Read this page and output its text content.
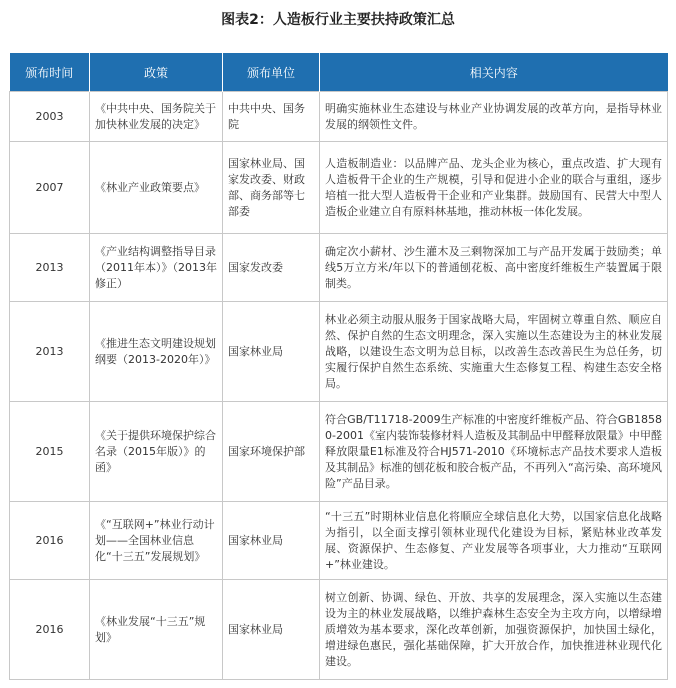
图表2：人造板行业主要扶持政策汇总
颁布时间	政策	颁布单位	相关内容
2003	《中共中央、国务院关于加快林业发展的决定》	中共中央、国务院	明确实施林业生态建设与林业产业协调发展的改革方向，是指导林业发展的纲领性文件。
2007	《林业产业政策要点》	国家林业局、国家发改委、财政部、商务部等七部委	人造板制造业：以品牌产品、龙头企业为核心，重点改造、扩大现有人造板骨干企业的生产规模，引导和促进小企业的联合与重组，逐步培植一批大型人造板骨干企业和产业集群。鼓励国有、民营大中型人造板企业建立自有原料林基地，推动林板一体化发展。
2013	《产业结构调整指导目录（2011年本）》（2013年修正）	国家发改委	确定次小薪材、沙生灌木及三剩物深加工与产品开发属于鼓励类；单线5万立方米/年以下的普通刨花板、高中密度纤维板生产装置属于限制类。
2013	《推进生态文明建设规划纲要（2013-2020年）》	国家林业局	林业必须主动服从服务于国家战略大局，牢固树立尊重自然、顺应自然、保护自然的生态文明理念，深入实施以生态建设为主的林业发展战略，以建设生态文明为总目标，以改善生态改善民生为总任务，切实履行保护自然生态系统、实施重大生态修复工程、构建生态安全格局。
2015	《关于提供环境保护综合名录（2015年版）》的函》	国家环境保护部	符合GB/T11718-2009生产标准的中密度纤维板产品、符合GB18580-2001《室内装饰装修材料人造板及其制品中甲醛释放限量》中甲醛释放限量E1标准及符合HJ571-2010《环境标志产品技术要求人造板及其制品》标准的刨花板和胶合板产品，不再列入“高污染、高环境风险”产品目录。
2016	《“互联网+”林业行动计划——全国林业信息化“十三五”发展规划》	国家林业局	“十三五”时期林业信息化将顺应全球信息化大势，以国家信息化战略为指引，以全面支撑引领林业现代化建设为目标，紧贴林业改革发展、资源保护、生态修复、产业发展等各项事业，大力推动“互联网+”林业建设。
2016	《林业发展“十三五”规划》	国家林业局	树立创新、协调、绿色、开放、共享的发展理念，深入实施以生态建设为主的林业发展战略，以维护森林生态安全为主攻方向，以增绿增质增效为基本要求，深化改革创新，加强资源保护，加快国土绿化，增进绿色惠民，强化基础保障，扩大开放合作，加快推进林业现代化建设。
